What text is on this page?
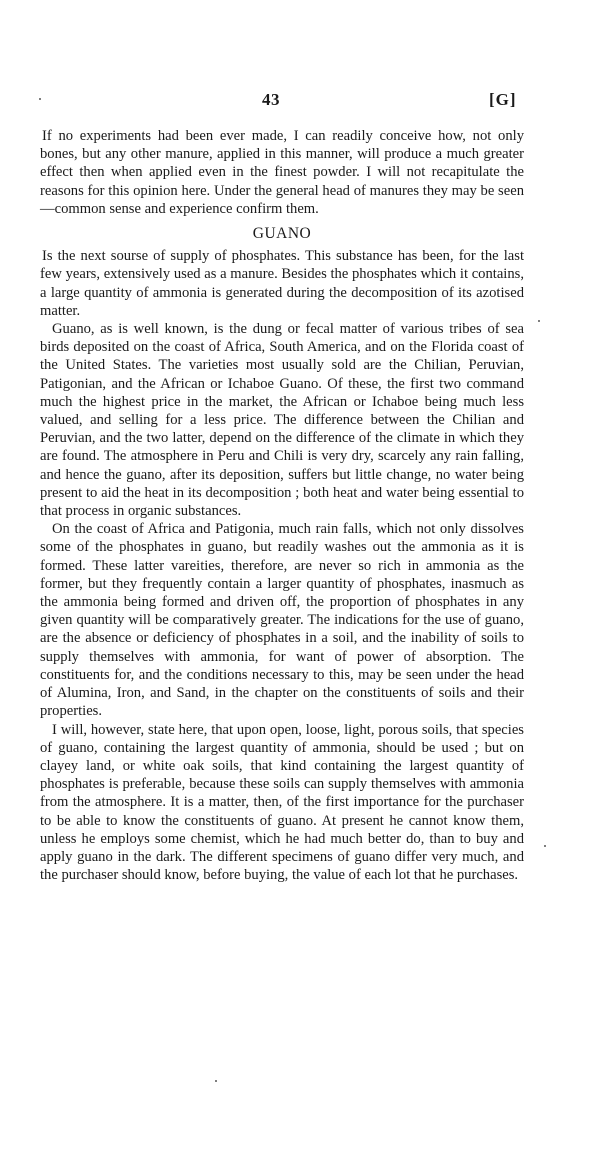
43	[G]

If no experiments had been ever made, I can readily conceive how, not only bones, but any other manure, applied in this manner, will produce a much greater effect then when applied even in the finest powder. I will not recapitulate the reasons for this opinion here. Under the general head of manures they may be seen—common sense and experience confirm them.

GUANO

Is the next sourse of supply of phosphates. This substance has been, for the last few years, extensively used as a manure. Besides the phosphates which it contains, a large quantity of ammonia is generated during the decomposition of its azotised matter.

Guano, as is well known, is the dung or fecal matter of various tribes of sea birds deposited on the coast of Africa, South America, and on the Florida coast of the United States. The varieties most usually sold are the Chilian, Peruvian, Patigonian, and the African or Ichaboe Guano. Of these, the first two command much the highest price in the market, the African or Ichaboe being much less valued, and selling for a less price. The difference between the Chilian and Peruvian, and the two latter, depend on the difference of the climate in which they are found. The atmosphere in Peru and Chili is very dry, scarcely any rain falling, and hence the guano, after its deposition, suffers but little change, no water being present to aid the heat in its decomposition ; both heat and water being essential to that process in organic substances.

On the coast of Africa and Patigonia, much rain falls, which not only dissolves some of the phosphates in guano, but readily washes out the ammonia as it is formed. These latter vareities, therefore, are never so rich in ammonia as the former, but they frequently contain a larger quantity of phosphates, inasmuch as the ammonia being formed and driven off, the proportion of phosphates in any given quantity will be comparatively greater. The indications for the use of guano, are the absence or deficiency of phosphates in a soil, and the inability of soils to supply themselves with ammonia, for want of power of absorption. The constituents for, and the conditions necessary to this, may be seen under the head of Alumina, Iron, and Sand, in the chapter on the constituents of soils and their properties.

I will, however, state here, that upon open, loose, light, porous soils, that species of guano, containing the largest quantity of ammonia, should be used ; but on clayey land, or white oak soils, that kind containing the largest quantity of phosphates is preferable, because these soils can supply themselves with ammonia from the atmosphere. It is a matter, then, of the first importance for the purchaser to be able to know the constituents of guano. At present he cannot know them, unless he employs some chemist, which he had much better do, than to buy and apply guano in the dark. The different specimens of guano differ very much, and the purchaser should know, before buying, the value of each lot that he purchases.
